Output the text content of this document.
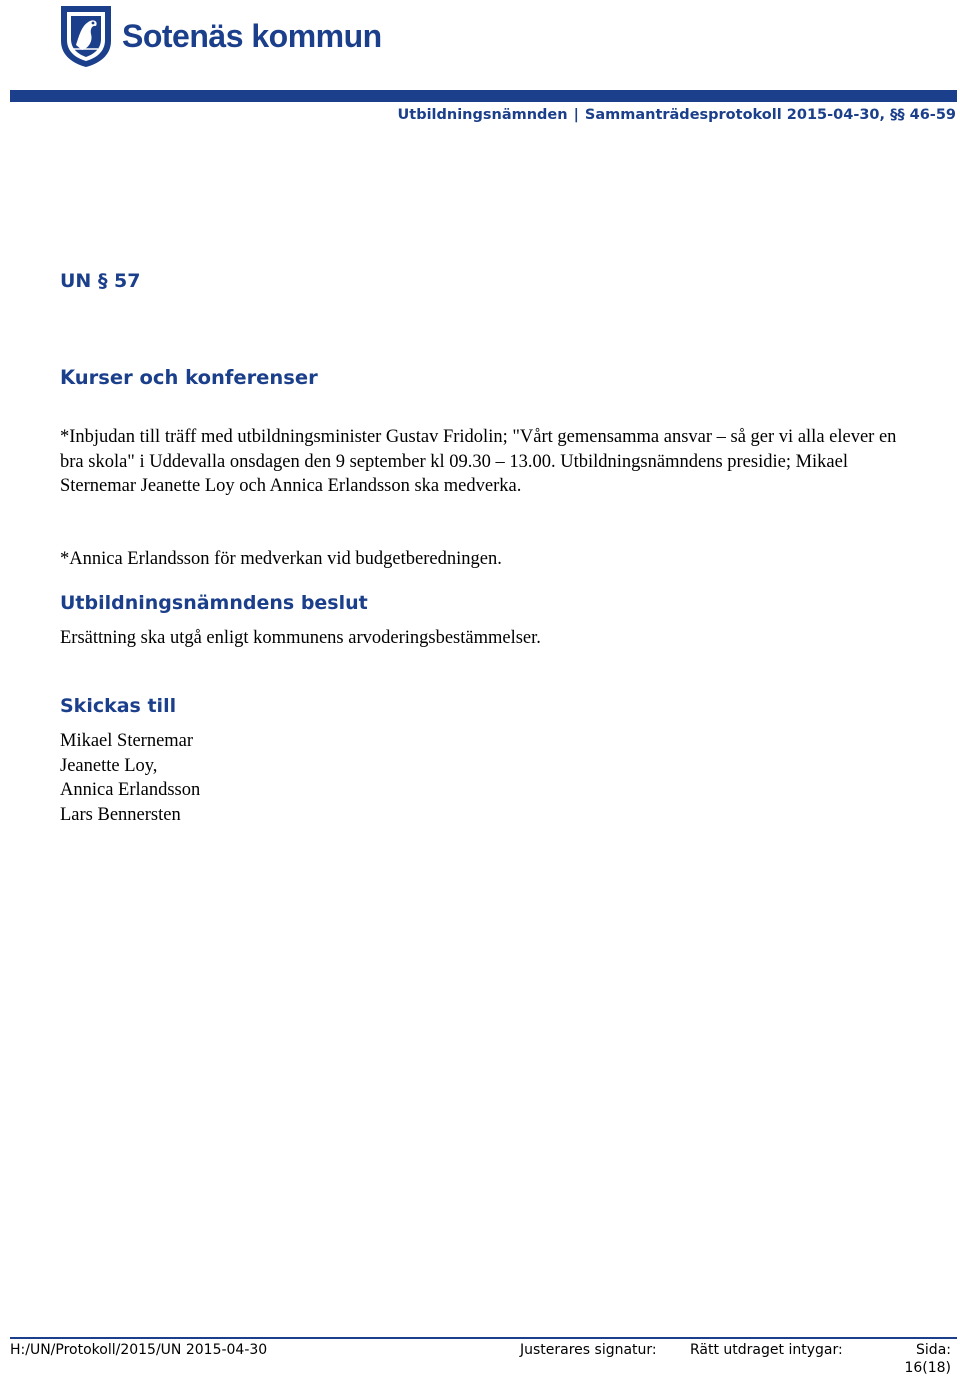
Sotenäs kommun
Utbildningsnämnden | Sammanträdesprotokoll 2015-04-30, §§ 46-59
UN § 57
Kurser och konferenser

*Inbjudan till träff med utbildningsminister Gustav Fridolin; "Vårt gemensamma ansvar – så ger vi alla elever en bra skola" i Uddevalla onsdagen den 9 september kl 09.30 – 13.00. Utbildningsnämndens presidie; Mikael Sternemar Jeanette Loy och Annica Erlandsson ska medverka.

*Annica Erlandsson för medverkan vid budgetberedningen.

Utbildningsnämndens beslut

Ersättning ska utgå enligt kommunens arvoderingsbestämmelser.

Skickas till
Mikael Sternemar
Jeanette Loy,
Annica Erlandsson
Lars Bennersten
H:/UN/Protokoll/2015/UN 2015-04-30	Justerares signatur: Rätt utdraget intygar:	Sida:
16(18)
